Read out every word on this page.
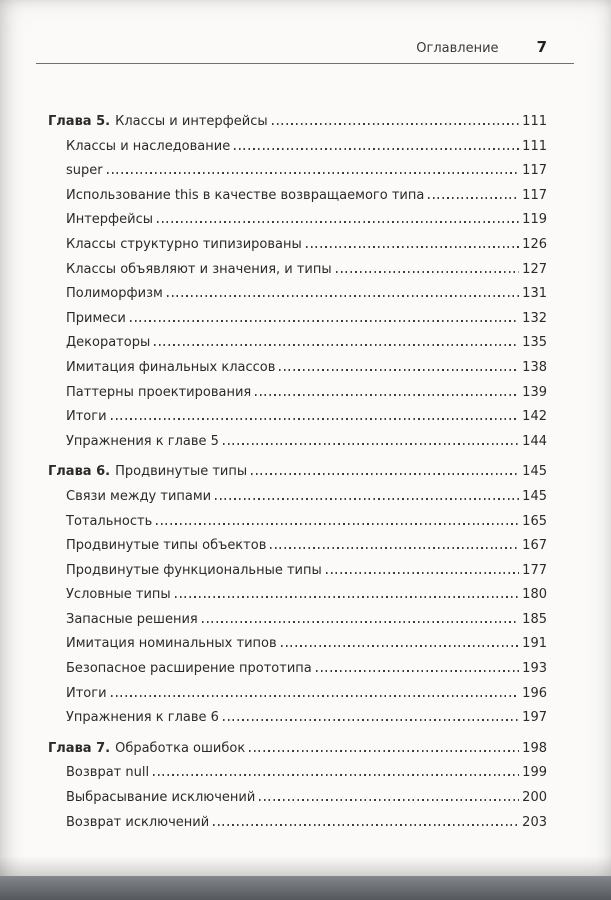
Оглавление	7
Глава 5. Классы и интерфейсы	111
Классы и наследование	111
super	117
Использование this в качестве возвращаемого типа	117
Интерфейсы	119
Классы структурно типизированы	126
Классы объявляют и значения, и типы	127
Полиморфизм	131
Примеси	132
Декораторы	135
Имитация финальных классов	138
Паттерны проектирования	139
Итоги	142
Упражнения к главе 5	144
Глава 6. Продвинутые типы	145
Связи между типами	145
Тотальность	165
Продвинутые типы объектов	167
Продвинутые функциональные типы	177
Условные типы	180
Запасные решения	185
Имитация номинальных типов	191
Безопасное расширение прототипа	193
Итоги	196
Упражнения к главе 6	197
Глава 7. Обработка ошибок	198
Возврат null	199
Выбрасывание исключений	200
Возврат исключений	203
